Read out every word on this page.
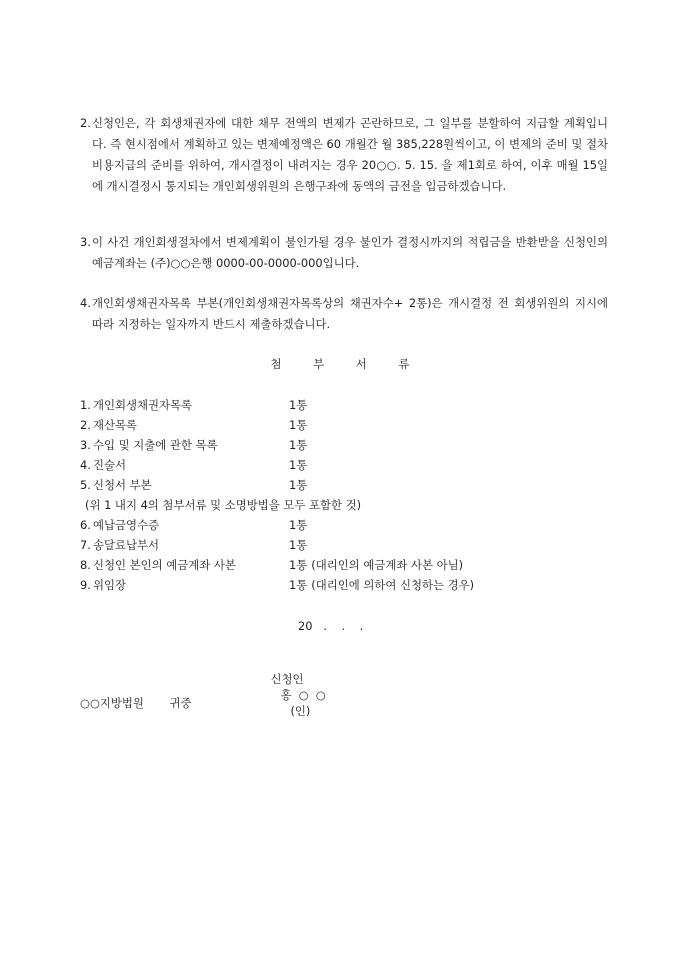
2. 신청인은, 각 회생채권자에 대한 채무 전액의 변제가 곤란하므로, 그 일부를 분할하여 지급할 계획입니다. 즉 현시점에서 계획하고 있는 변제예정액은 60 개월간 월 385,228원씩이고, 이 변제의 준비 및 절차비용지급의 준비를 위하여, 개시결정이 내려지는 경우 20○○. 5. 15. 을 제1회로 하여, 이후 매월 15일에 개시결정시 통지되는 개인회생위원의 은행구좌에 동액의 금전을 입금하겠습니다.
3. 이 사건 개인회생절차에서 변제계획이 불인가될 경우 불인가 결정시까지의 적립금을 반환받을 신청인의 예금계좌는 (주)○○은행 0000-00-0000-000입니다.
4. 개인회생채권자목록 부본(개인회생채권자목록상의 채권자수+ 2통)은 개시결정 전 회생위원의 지시에 따라 지정하는 일자까지 반드시 제출하겠습니다.
첨 부 서 류
1. 개인회생채권자목록	1통
2. 재산목록	1통
3. 수입 및 지출에 관한 목록	1통
4. 진술서	1통
5. 신청서 부본	1통
(위 1 내지 4의 첨부서류 및 소명방법을 모두 포함한 것)
6. 예납금영수증	1통
7. 송달료납부서	1통
8. 신청인 본인의 예금계좌 사본	1통 (대리인의 예금계좌 사본 아님)
9. 위임장	1통 (대리인에 의하여 신청하는 경우)
20   .    .    .

신청인
홍  ○  ○
(인)

○○지방법원 귀중
